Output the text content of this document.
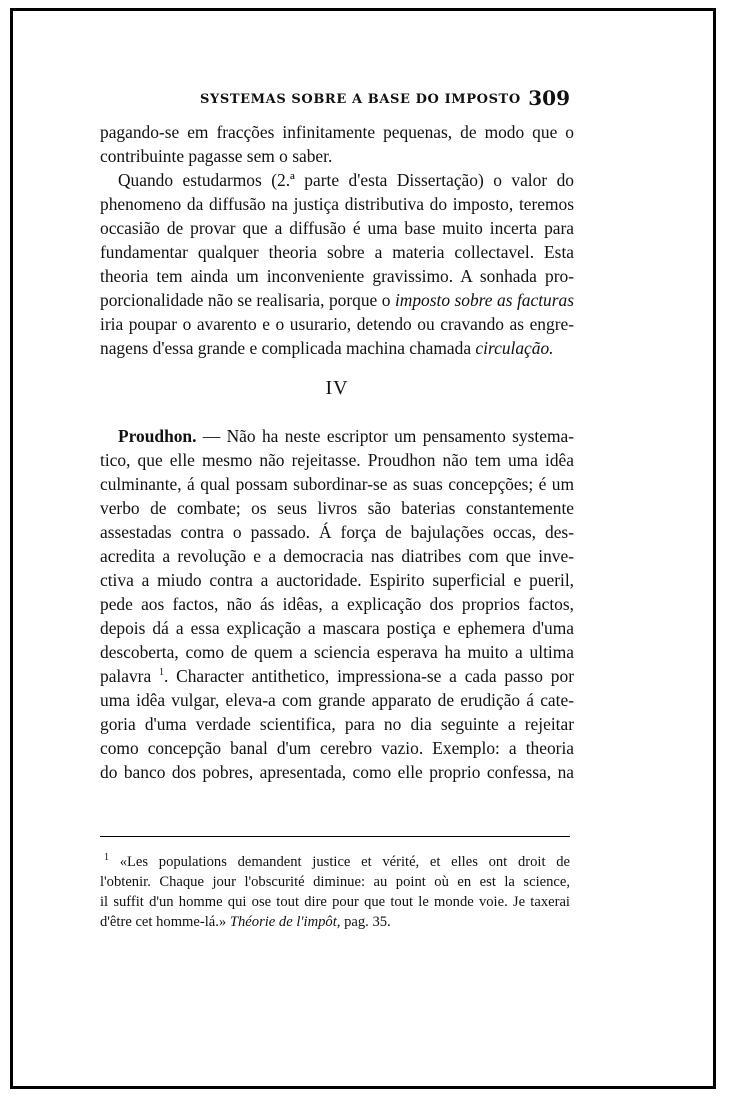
SYSTEMAS SOBRE A BASE DO IMPOSTO 309
pagando-se em fracções infinitamente pequenas, de modo que o
contribuinte pagasse sem o saber.
Quando estudarmos (2.ª parte d'esta Dissertação) o valor do
phenomeno da diffusão na justiça distributiva do imposto, teremos
occasião de provar que a diffusão é uma base muito incerta para
fundamentar qualquer theoria sobre a materia collectavel. Esta
theoria tem ainda um inconveniente gravissimo. A sonhada pro-
porcionalidade não se realisaria, porque o imposto sobre as facturas
iria poupar o avarento e o usurario, detendo ou cravando as engre-
nagens d'essa grande e complicada machina chamada circulação.
IV
Proudhon. — Não ha neste escriptor um pensamento systema-
tico, que elle mesmo não rejeitasse. Proudhon não tem uma idêa
culminante, á qual possam subordinar-se as suas concepções; é um
verbo de combate; os seus livros são baterias constantemente
assestadas contra o passado. Á força de bajulações occas, des-
acredita a revolução e a democracia nas diatribes com que inve-
ctiva a miudo contra a auctoridade. Espirito superficial e pueril,
pede aos factos, não ás idêas, a explicação dos proprios factos,
depois dá a essa explicação a mascara postiça e ephemera d'uma
descoberta, como de quem a sciencia esperava ha muito a ultima
palavra $^1$. Character antithetico, impressiona-se a cada passo por
uma idêa vulgar, eleva-a com grande apparato de erudição á cate-
goria d'uma verdade scientifica, para no dia seguinte a rejeitar
como concepção banal d'um cerebro vazio. Exemplo: a theoria
do banco dos pobres, apresentada, como elle proprio confessa, na
$^1$ «Les populations demandent justice et vérité, et elles ont droit de
l'obtenir. Chaque jour l'obscurité diminue: au point où en est la science,
il suffit d'un homme qui ose tout dire pour que tout le monde voie. Je taxerai
d'être cet homme-lá.» Théorie de l'impôt, pag. 35.
